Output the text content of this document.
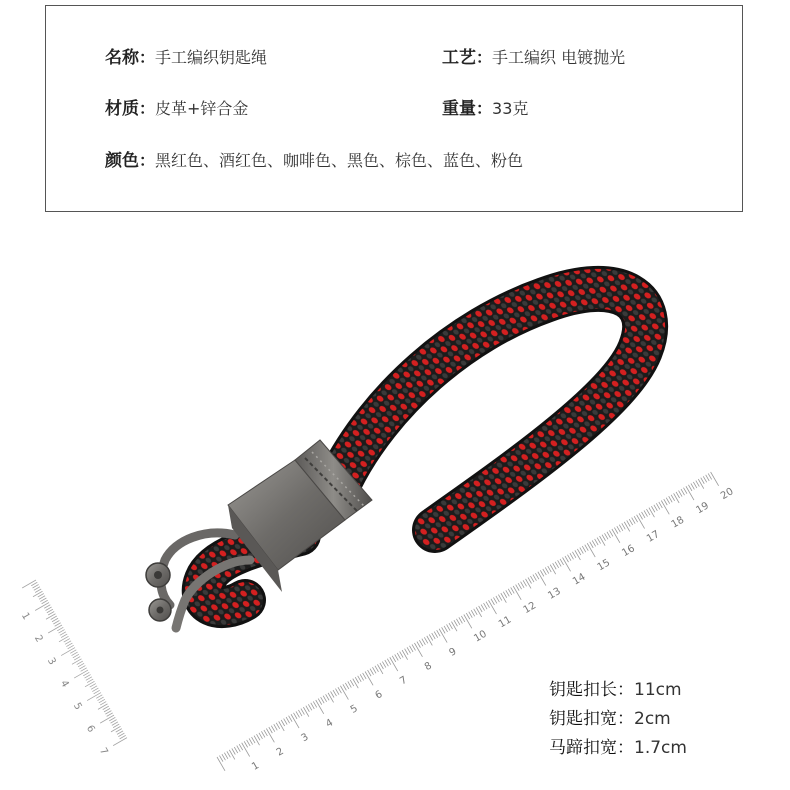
名称：手工编织钥匙绳	工艺：手工编织 电镀抛光
材质：皮革+锌合金	重量：33克
颜色：黑红色、酒红色、咖啡色、黑色、棕色、蓝色、粉色
1
2
3
4
5
6
7
8
9
10
11
12
13
14
15
16
17
18
19
20
1
2
3
4
5
6
7
钥匙扣长：11cm
钥匙扣宽：2cm
马蹄扣宽：1.7cm
